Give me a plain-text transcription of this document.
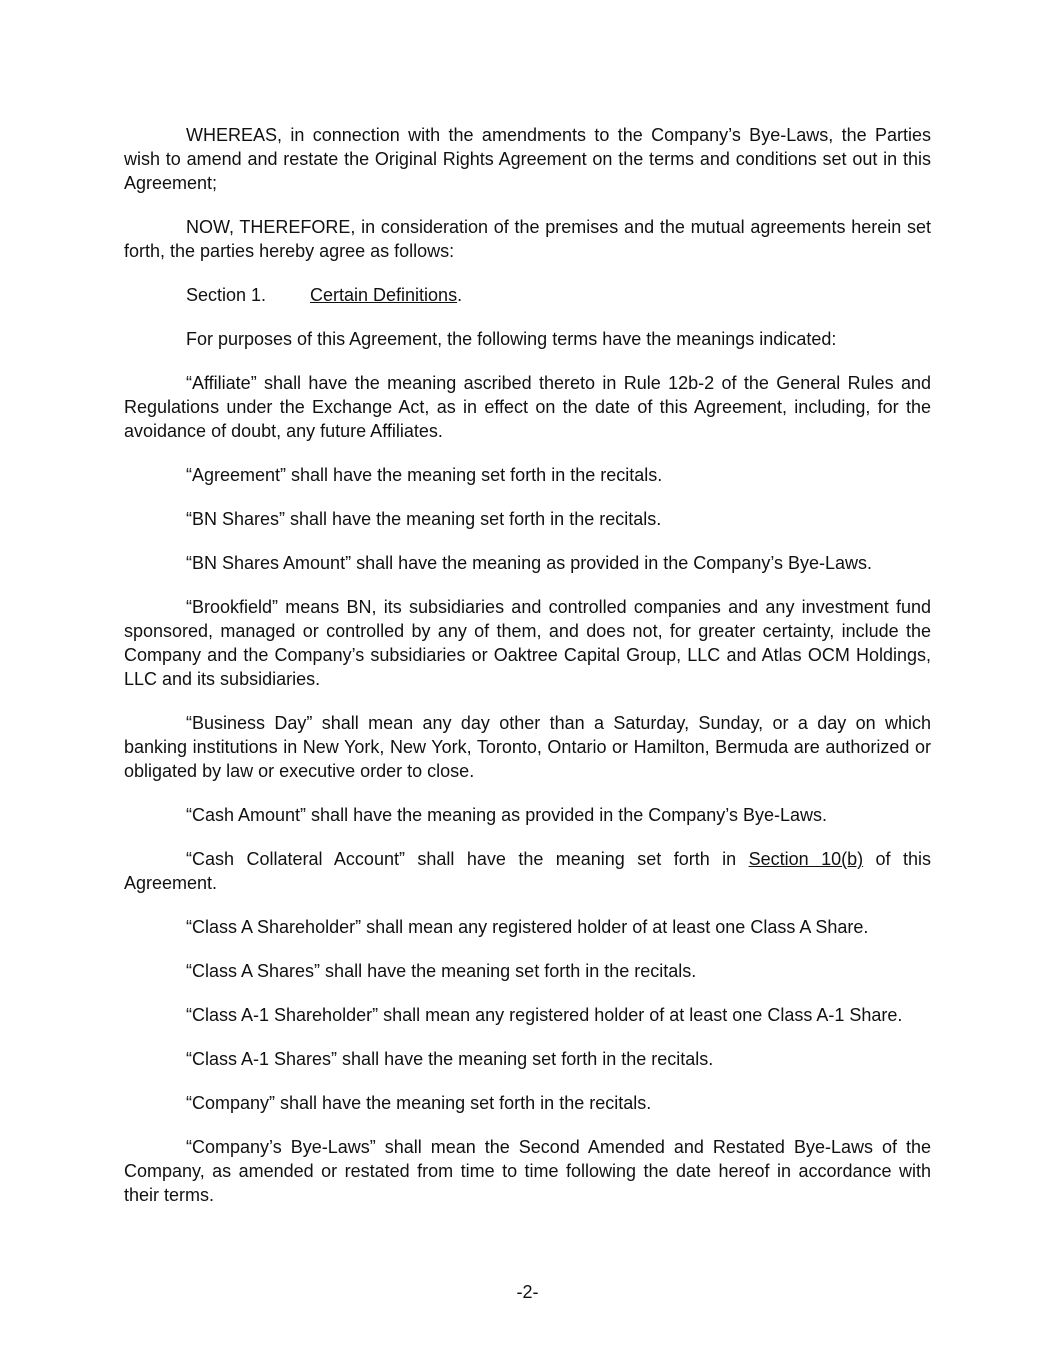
WHEREAS, in connection with the amendments to the Company’s Bye-Laws, the Parties wish to amend and restate the Original Rights Agreement on the terms and conditions set out in this Agreement;

NOW, THEREFORE, in consideration of the premises and the mutual agreements herein set forth, the parties hereby agree as follows:

Section 1. Certain Definitions.

For purposes of this Agreement, the following terms have the meanings indicated:

“Affiliate” shall have the meaning ascribed thereto in Rule 12b-2 of the General Rules and Regulations under the Exchange Act, as in effect on the date of this Agreement, including, for the avoidance of doubt, any future Affiliates.

“Agreement” shall have the meaning set forth in the recitals.

“BN Shares” shall have the meaning set forth in the recitals.

“BN Shares Amount” shall have the meaning as provided in the Company’s Bye-Laws.

“Brookfield” means BN, its subsidiaries and controlled companies and any investment fund sponsored, managed or controlled by any of them, and does not, for greater certainty, include the Company and the Company’s subsidiaries or Oaktree Capital Group, LLC and Atlas OCM Holdings, LLC and its subsidiaries.

“Business Day” shall mean any day other than a Saturday, Sunday, or a day on which banking institutions in New York, New York, Toronto, Ontario or Hamilton, Bermuda are authorized or obligated by law or executive order to close.

“Cash Amount” shall have the meaning as provided in the Company’s Bye-Laws.

“Cash Collateral Account” shall have the meaning set forth in Section 10(b) of this Agreement.

“Class A Shareholder” shall mean any registered holder of at least one Class A Share.

“Class A Shares” shall have the meaning set forth in the recitals.

“Class A-1 Shareholder” shall mean any registered holder of at least one Class A-1 Share.

“Class A-1 Shares” shall have the meaning set forth in the recitals.

“Company” shall have the meaning set forth in the recitals.

“Company’s Bye-Laws” shall mean the Second Amended and Restated Bye-Laws of the Company, as amended or restated from time to time following the date hereof in accordance with their terms.

-2-
